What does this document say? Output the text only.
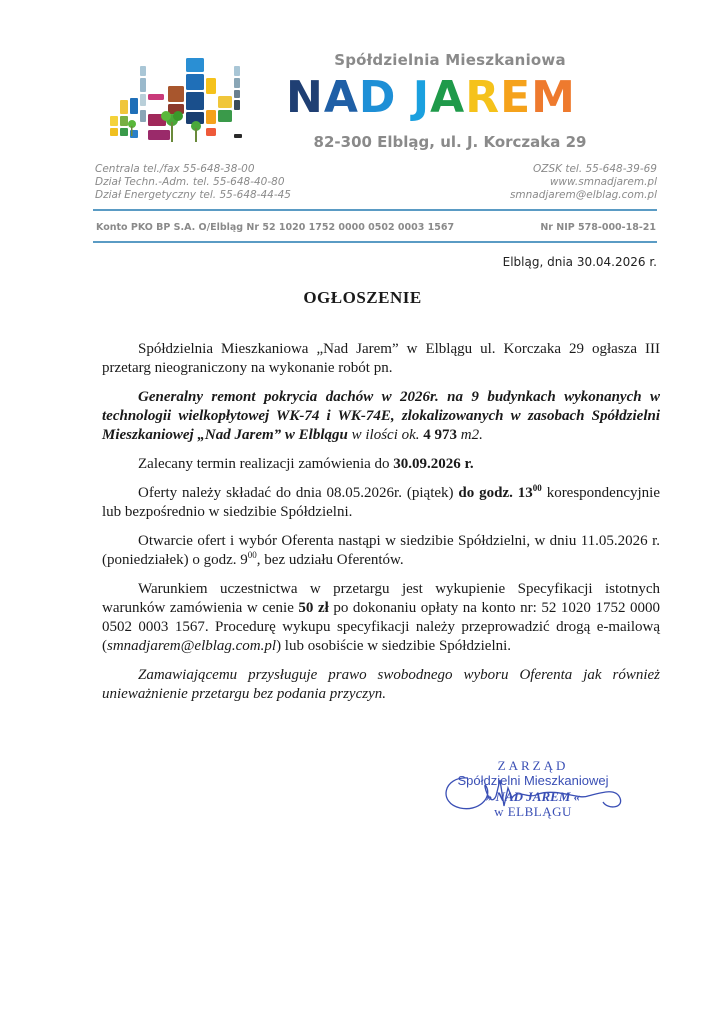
Spółdzielnia Mieszkaniowa
NAD JAREM
82-300 Elbląg, ul. J. Korczaka 29
Centrala tel./fax 55-648-38-00
Dział Techn.-Adm. tel. 55-648-40-80
Dział Energetyczny tel. 55-648-44-45
OZSK tel. 55-648-39-69
www.smnadjarem.pl
smnadjarem@elblag.com.pl
Konto PKO BP S.A. O/Elbląg Nr 52 1020 1752 0000 0502 0003 1567	Nr NIP 578-000-18-21
Elbląg, dnia 30.04.2026 r.
OGŁOSZENIE

Spółdzielnia Mieszkaniowa „Nad Jarem” w Elblągu ul. Korczaka 29 ogłasza III przetarg nieograniczony na wykonanie robót pn.

Generalny remont pokrycia dachów w 2026r. na 9 budynkach wykonanych w technologii wielkopłytowej WK-74 i WK-74E, zlokalizowanych w zasobach Spółdzielni Mieszkaniowej „Nad Jarem” w Elblągu w ilości ok. 4 973 m2.

Zalecany termin realizacji zamówienia do 30.09.2026 r.

Oferty należy składać do dnia 08.05.2026r. (piątek) do godz. $13^{00}$ korespondencyjnie lub bezpośrednio w siedzibie Spółdzielni.

Otwarcie ofert i wybór Oferenta nastąpi w siedzibie Spółdzielni, w dniu 11.05.2026 r. (poniedziałek) o godz. $9^{00}$, bez udziału Oferentów.

Warunkiem uczestnictwa w przetargu jest wykupienie Specyfikacji istotnych warunków zamówienia w cenie 50 zł po dokonaniu opłaty na konto nr: 52 1020 1752 0000 0502 0003 1567. Procedurę wykupu specyfikacji należy przeprowadzić drogą e-mailową (smnadjarem@elblag.com.pl) lub osobiście w siedzibie Spółdzielni.

Zamawiającemu przysługuje prawo swobodnego wyboru Oferenta jak również unieważnienie przetargu bez podania przyczyn.

ZARZĄD
Spółdzielni Mieszkaniowej
» NAD JAREM «
w ELBLĄGU
